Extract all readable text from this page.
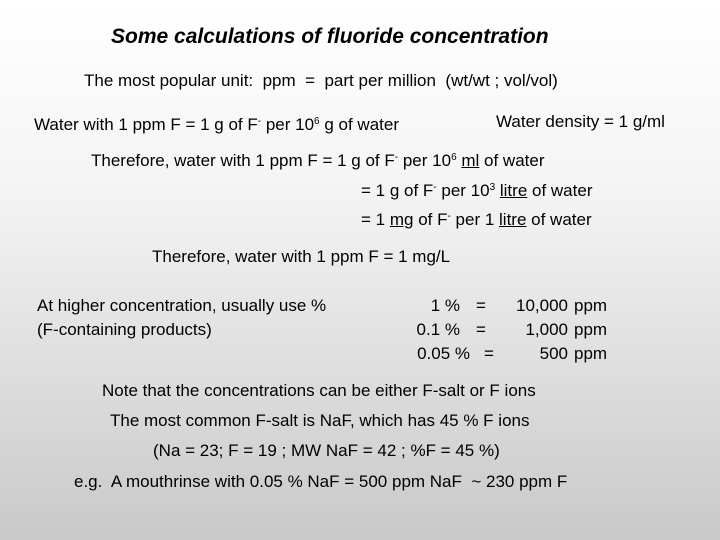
Some calculations of fluoride concentration
The most popular unit:  ppm  =  part per million  (wt/wt ; vol/vol)
Water with 1 ppm F = 1 g of F- per $10^6$ g of water	Water density = 1 g/ml
Therefore, water with 1 ppm F = 1 g of F- per $10^6$ ml of water
= 1 g of F- per $10^3$ litre of water
= 1 mg of F- per 1 litre of water
Therefore, water with 1 ppm F = 1 mg/L
At higher concentration, usually use %
(F-containing products)
1 % = 10,000 ppm
0.1 % = 1,000 ppm
0.05 % =	500 ppm
Note that the concentrations can be either F-salt or F ions
The most common F-salt is NaF, which has 45 % F ions
(Na = 23; F = 19 ; MW NaF = 42 ; %F = 45 %)
e.g.  A mouthrinse with 0.05 % NaF = 500 ppm NaF  ~ 230 ppm F
